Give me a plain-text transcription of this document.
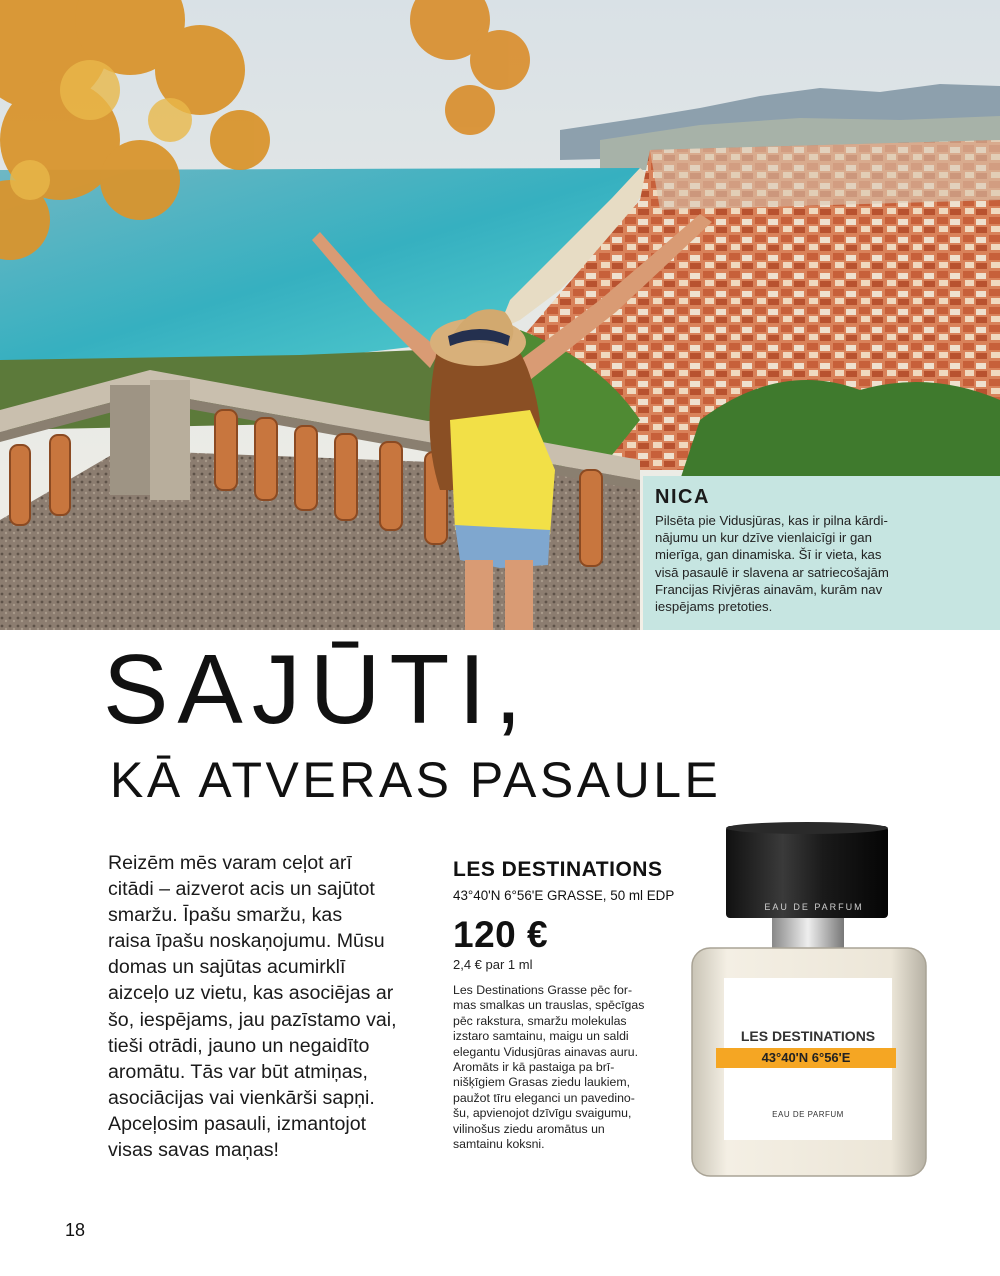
NICA
Pilsēta pie Vidusjūras, kas ir pilna kārdi-
nājumu un kur dzīve vienlaicīgi ir gan
mierīga, gan dinamiska. Šī ir vieta, kas
visā pasaulē ir slavena ar satriecošajām
Francijas Rivjēras ainavām, kurām nav
iespējams pretoties.
SAJŪTI,
KĀ ATVERAS PASAULE
Reizēm mēs varam ceļot arī
citādi – aizverot acis un sajūtot
smaržu. Īpašu smaržu, kas
raisa īpašu noskaņojumu. Mūsu
domas un sajūtas acumirklī
aizceļo uz vietu, kas asociējas ar
šo, iespējams, jau pazīstamo vai,
tieši otrādi, jauno un negaidīto
aromātu. Tās var būt atmiņas,
asociācijas vai vienkārši sapņi.
Apceļosim pasauli, izmantojot
visas savas maņas!
LES DESTINATIONS
43°40'N 6°56'E GRASSE, 50 ml EDP
120 €
2,4 € par 1 ml
Les Destinations Grasse pēc for-
mas smalkas un trauslas, spēcīgas
pēc rakstura, smaržu molekulas
izstaro samtainu, maigu un saldi
elegantu Vidusjūras ainavas auru.
Aromāts ir kā pastaiga pa brī-
nišķīgiem Grasas ziedu laukiem,
paužot tīru eleganci un pavedino-
šu, apvienojot dzīvīgu svaigumu,
vilinošus ziedu aromātus un
samtainu koksni.
EAU DE PARFUM
LES DESTINATIONS
43°40'N 6°56'E
EAU DE PARFUM
18
